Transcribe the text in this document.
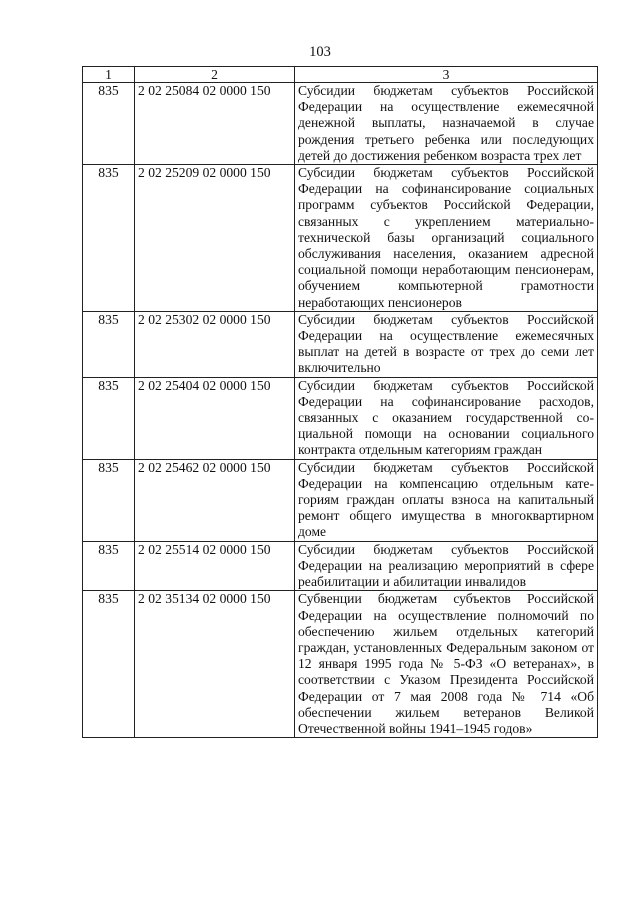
103
1	2	3
835	2 02 25084 02 0000 150	Субсидии бюджетам субъектов Российской Федерации на осуществление ежемесячной денежной выплаты, назначаемой в случае рождения третьего ребенка или последующих детей до достижения ребенком возраста трех лет
835	2 02 25209 02 0000 150	Субсидии бюджетам субъектов Российской Федерации на софинансирование социальных программ субъектов Российской Федерации, связанных с укреплением материально-технической базы организаций социального обслуживания населения, оказанием адресной социальной помощи неработающим пенсионерам, обучением компьютерной грамотности неработающих пенсионеров
835	2 02 25302 02 0000 150	Субсидии бюджетам субъектов Российской Федерации на осуществление ежемесячных выплат на детей в возрасте от трех до семи лет включительно
835	2 02 25404 02 0000 150	Субсидии бюджетам субъектов Российской Федерации на софинансирование расходов, связанных с оказанием государственной социальной помощи на основании социального контракта отдельным категориям граждан
835	2 02 25462 02 0000 150	Субсидии бюджетам субъектов Российской Федерации на компенсацию отдельным категориям граждан оплаты взноса на капитальный ремонт общего имущества в многоквартирном доме
835	2 02 25514 02 0000 150	Субсидии бюджетам субъектов Российской Федерации на реализацию мероприятий в сфере реабилитации и абилитации инвалидов
835	2 02 35134 02 0000 150	Субвенции бюджетам субъектов Российской Федерации на осуществление полномочий по обеспечению жильем отдельных категорий граждан, установленных Федеральным законом от 12 января 1995 года № 5-ФЗ «О ветеранах», в соответствии с Указом Президента Российской Федерации от 7 мая 2008 года № 714 «Об обеспечении жильем ветеранов Великой Отечественной войны 1941–1945 годов»
